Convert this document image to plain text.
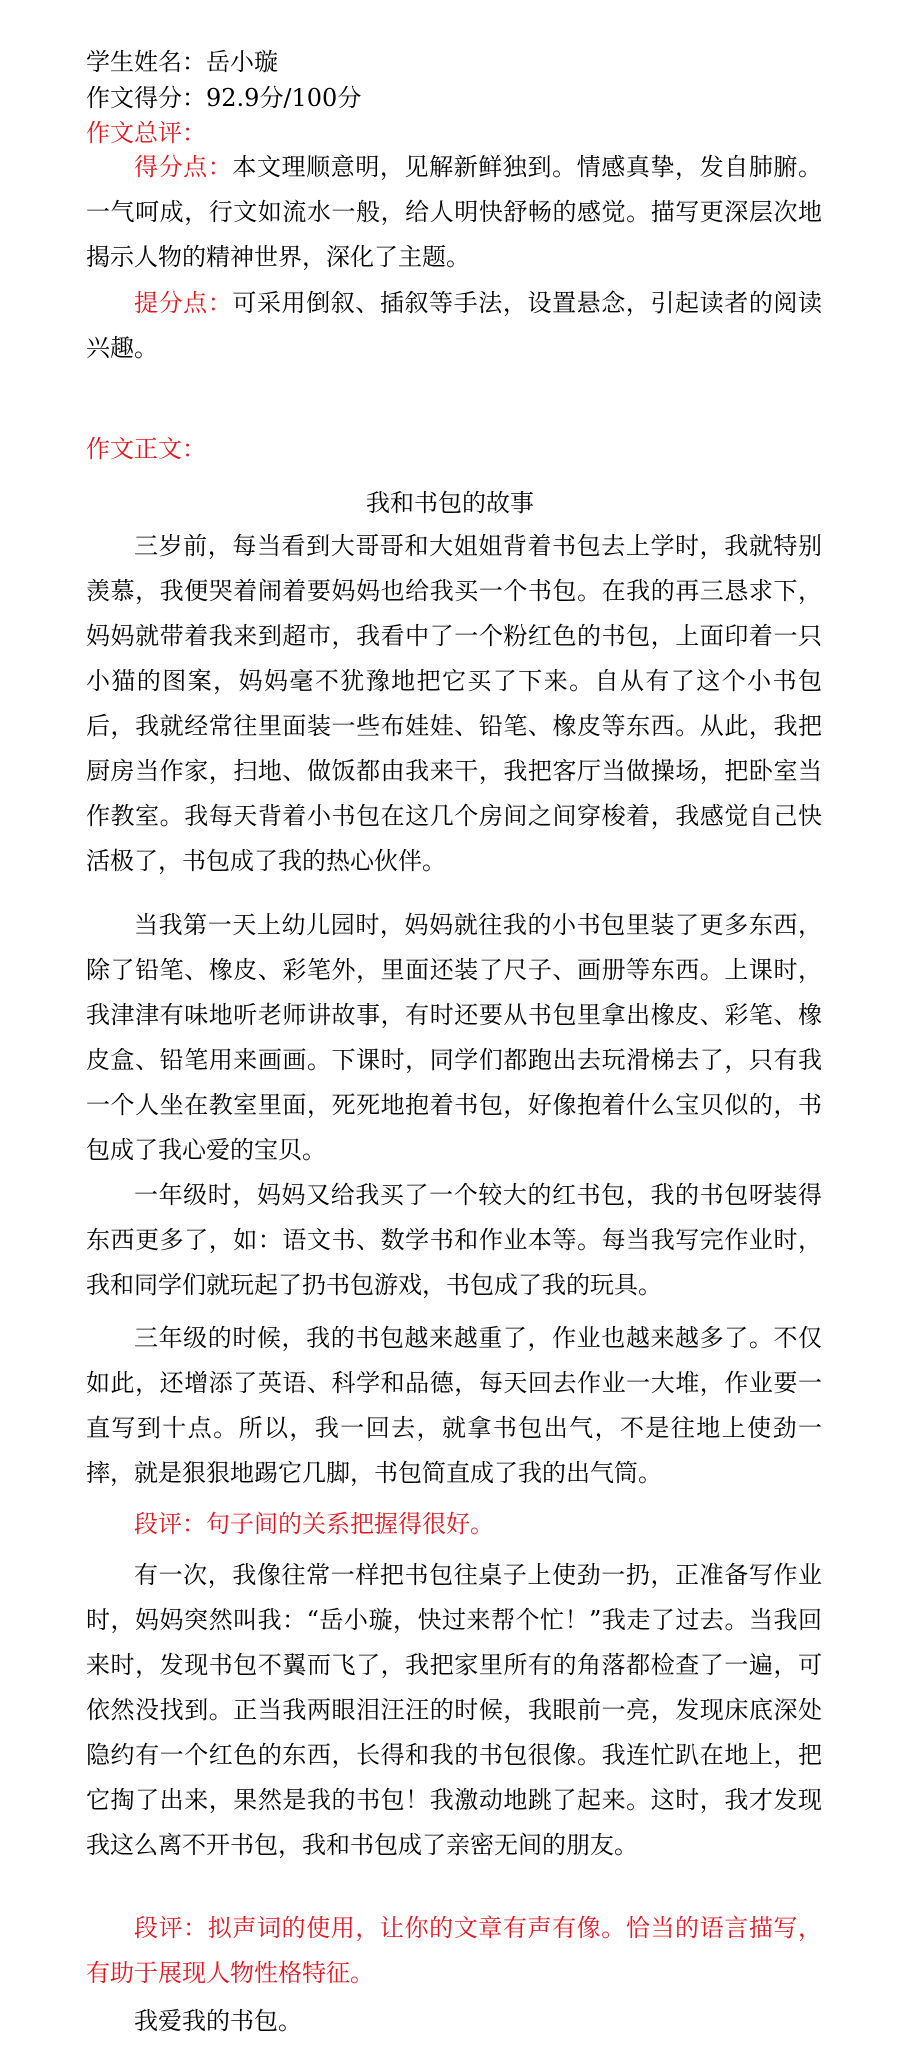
学生姓名：岳小璇
作文得分：92.9分/100分
作文总评：

得分点：本文理顺意明，见解新鲜独到。情感真挚，发自肺腑。一气呵成，行文如流水一般，给人明快舒畅的感觉。描写更深层次地揭示人物的精神世界，深化了主题。

提分点：可采用倒叙、插叙等手法，设置悬念，引起读者的阅读兴趣。

作文正文：
我和书包的故事

三岁前，每当看到大哥哥和大姐姐背着书包去上学时，我就特别羡慕，我便哭着闹着要妈妈也给我买一个书包。在我的再三恳求下，妈妈就带着我来到超市，我看中了一个粉红色的书包，上面印着一只小猫的图案，妈妈毫不犹豫地把它买了下来。自从有了这个小书包后，我就经常往里面装一些布娃娃、铅笔、橡皮等东西。从此，我把厨房当作家，扫地、做饭都由我来干，我把客厅当做操场，把卧室当作教室。我每天背着小书包在这几个房间之间穿梭着，我感觉自己快活极了，书包成了我的热心伙伴。

当我第一天上幼儿园时，妈妈就往我的小书包里装了更多东西，除了铅笔、橡皮、彩笔外，里面还装了尺子、画册等东西。上课时，我津津有味地听老师讲故事，有时还要从书包里拿出橡皮、彩笔、橡皮盒、铅笔用来画画。下课时，同学们都跑出去玩滑梯去了，只有我一个人坐在教室里面，死死地抱着书包，好像抱着什么宝贝似的，书包成了我心爱的宝贝。

一年级时，妈妈又给我买了一个较大的红书包，我的书包呀装得东西更多了，如：语文书、数学书和作业本等。每当我写完作业时，我和同学们就玩起了扔书包游戏，书包成了我的玩具。

三年级的时候，我的书包越来越重了，作业也越来越多了。不仅如此，还增添了英语、科学和品德，每天回去作业一大堆，作业要一直写到十点。所以，我一回去，就拿书包出气，不是往地上使劲一摔，就是狠狠地踢它几脚，书包简直成了我的出气筒。

段评：句子间的关系把握得很好。

有一次，我像往常一样把书包往桌子上使劲一扔，正准备写作业时，妈妈突然叫我：“岳小璇，快过来帮个忙！”我走了过去。当我回来时，发现书包不翼而飞了，我把家里所有的角落都检查了一遍，可依然没找到。正当我两眼泪汪汪的时候，我眼前一亮，发现床底深处隐约有一个红色的东西，长得和我的书包很像。我连忙趴在地上，把它掏了出来，果然是我的书包！我激动地跳了起来。这时，我才发现我这么离不开书包，我和书包成了亲密无间的朋友。

段评：拟声词的使用，让你的文章有声有像。恰当的语言描写，有助于展现人物性格特征。

我爱我的书包。
